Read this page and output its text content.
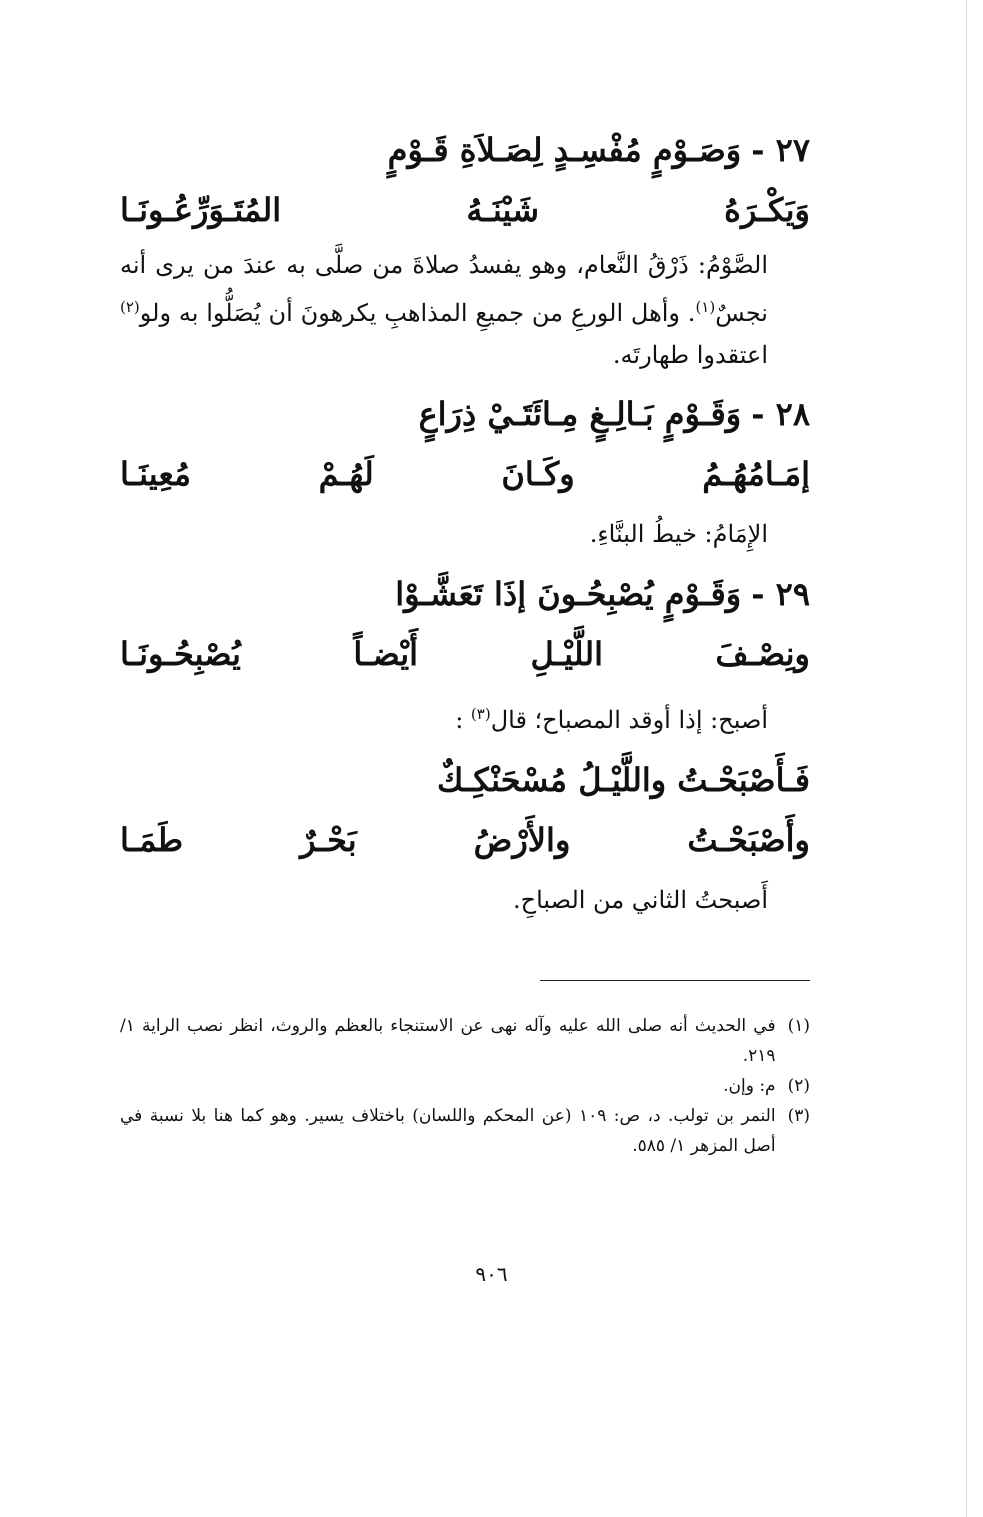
٢٧ -وَصَـوْمٍ مُفْسِـدٍ لِصَـلاَةِ قَـوْمٍ
وَيَكْـرَهُ شَيْنَـهُ المُتَـوَرِّعُـونَـا

الصَّوْمُ: ذَرْقُ النَّعام، وهو يفسدُ صلاةَ من صلَّى به عندَ من يرى أنه نجسٌ$^{(١)}$. وأهل الورعِ من جميعِ المذاهبِ يكرهونَ أن يُصَلُّوا به ولو$^{(٢)}$ اعتقدوا طهارتَه.

٢٨ -وَقَـوْمٍ بَـالِـغٍ مِـائَتَـيْ ذِرَاعٍ
إمَـامُهُـمُ وكَـانَ لَهُـمْ مُعِينَـا

الإِمَامُ: خيطُ البنَّاءِ.

٢٩ -وَقَـوْمٍ يُصْبِحُـونَ إذَا تَعَشَّـوْا
ونِصْـفَ اللَّيْـلِ أَيْضـاً يُصْبِحُـونَـا

أصبح: إذا أوقد المصباح؛ قال$^{(٣)}$ :

فَـأَصْبَحْـتُ واللَّيْـلُ مُسْحَنْكِـكٌ
وأَصْبَحْـتُ والأَرْضُ بَحْـرٌ طَمَـا

أَصبحتُ الثاني من الصباحِ.

(١)
في الحديث أنه صلى الله عليه وآله نهى عن الاستنجاء بالعظم والروث، انظر نصب الراية ١/ ٢١٩.
(٢)
م: وإن.
(٣)
النمر بن تولب. د، ص: ١٠٩ (عن المحكم واللسان) باختلاف يسير. وهو كما هنا بلا نسبة في أصل المزهر ١/ ٥٨٥.
٩٠٦
